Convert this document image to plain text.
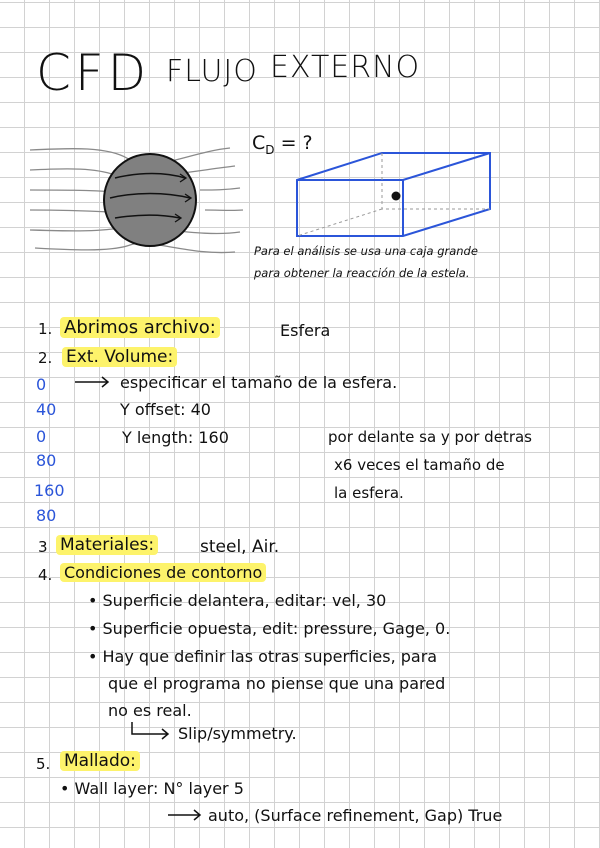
CFD FLUJO EXTERNO
$C_D$ = ?
Para el análisis se usa una caja grande
para obtener la reacción de la estela.
1. Abrimos archivo:	Esfera
2. Ext. Volume:
especificar el tamaño de la esfera.
Y offset: 40
Y length: 160	por delante sa y por detras
x6 veces el tamaño de
la esfera.
0
40
0
80
160
80
3 Materiales:	steel, Air.
4. Condiciones de contorno
• Superficie delantera, editar: vel, 30
• Superficie opuesta, edit: pressure, Gage, 0.
• Hay que definir las otras superficies, para
que el programa no piense que una pared
no es real.
Slip/symmetry.
5. Mallado:
• Wall layer: N° layer 5
auto, (Surface refinement, Gap) True
